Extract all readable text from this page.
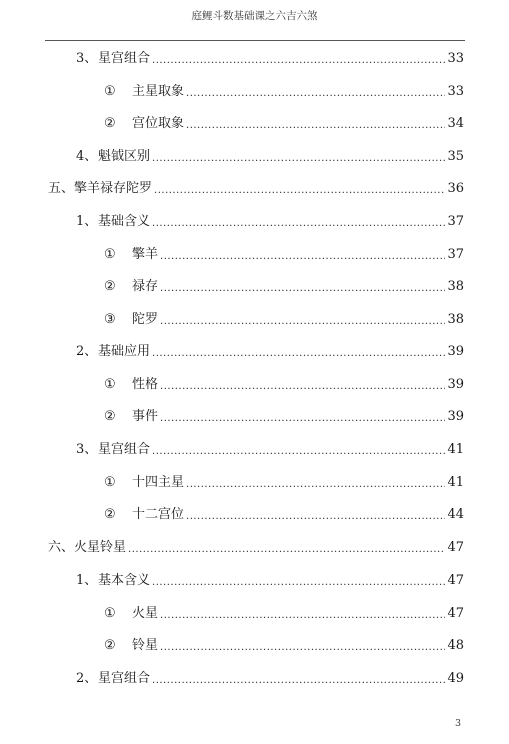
庭鲤斗数基础课之六吉六煞
3、 星宫组合 .....	33
①	主星取象 .....	33
②	宫位取象 .....	34
4、 魁钺区别 .....	35
五、 擎羊禄存陀罗 .....	36
1、 基础含义 .....	37
①	擎羊 .....	37
②	禄存 .....	38
③	陀罗 .....	38
2、 基础应用 .....	39
①	性格 .....	39
②	事件 .....	39
3、 星宫组合 .....	41
①	十四主星 .....	41
②	十二宫位 .....	44
六、 火星铃星 .....	47
1、 基本含义 .....	47
①	火星 .....	47
②	铃星 .....	48
2、 星宫组合 .....	49
3
